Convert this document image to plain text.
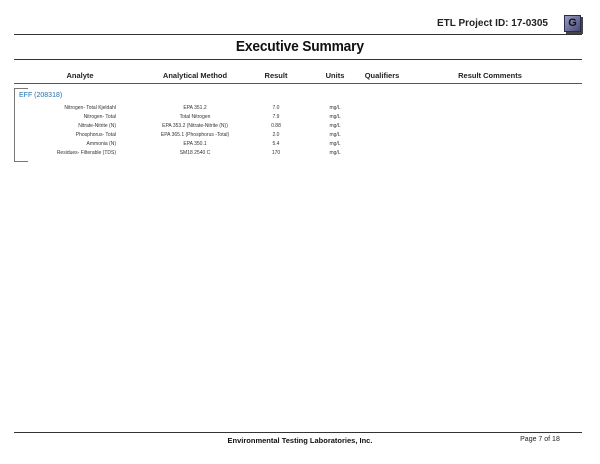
ETL Project ID: 17-0305	G
Executive Summary
Analyte	Analytical Method	Result	Units	Qualifiers	Result Comments
EFF (208318)
Nitrogen- Total Kjeldahl	EPA 351.2	7.0	mg/L
Nitrogen- Total	Total Nitrogen	7.9	mg/L
Nitrate-Nitrite (N)	EPA 353.2 (Nitrate-Nitrite (N))	0.88	mg/L
Phosphorus- Total	EPA 365.1 (Phosphorus -Total)	2.0	mg/L
Ammonia (N)	EPA 350.1	5.4	mg/L
Residues- Filterable (TDS)	SM18 2540 C	170	mg/L
Environmental Testing Laboratories, Inc.	Page 7 of 18
